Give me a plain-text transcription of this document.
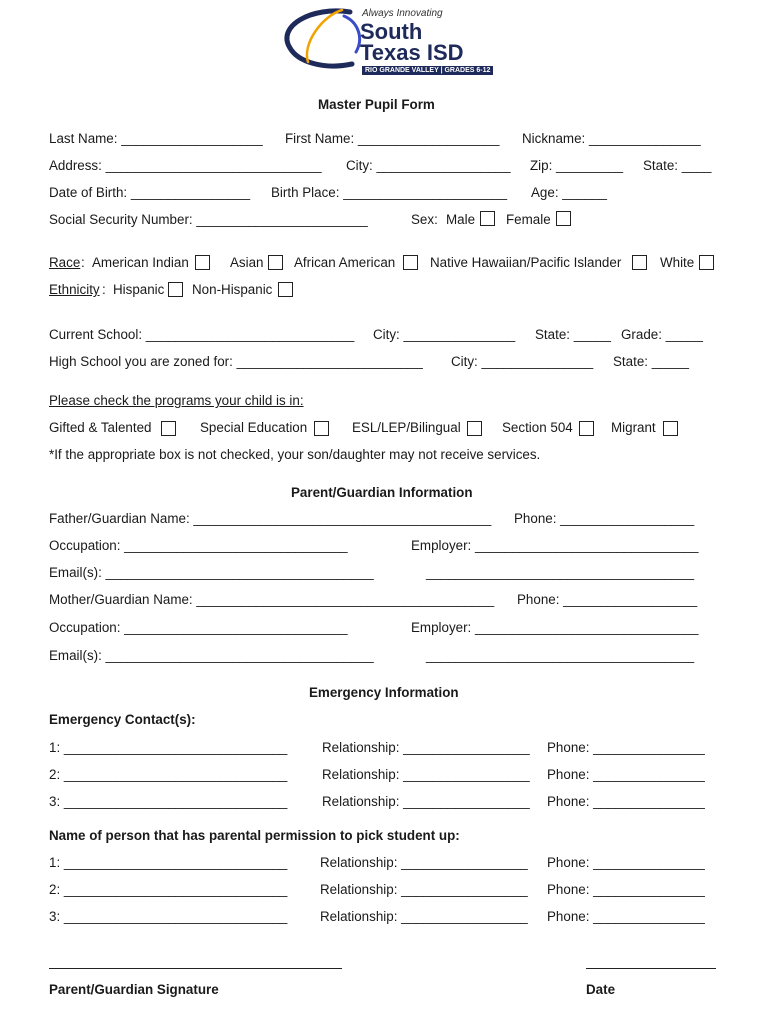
Always Innovating
South
Texas ISD
RIO GRANDE VALLEY | GRADES 6-12
Master Pupil Form
Last Name: ___________________ First Name: ___________________ Nickname: _______________
Address: _____________________________ City: __________________ Zip: _________ State: ____
Date of Birth: ________________ Birth Place: ______________________ Age: ______
Social Security Number: _______________________	Sex: Male Female
Race : American Indian	Asian African American	Native Hawaiian/Pacific Islander	White
Ethnicity : Hispanic Non-Hispanic
Current School: ____________________________ City: _______________ State: _____ Grade: _____
High School you are zoned for: _________________________ City: _______________ State: _____
Please check the programs your child is in:
Gifted & Talented	Special Education	ESL/LEP/Bilingual	Section 504	Migrant
*If the appropriate box is not checked, your son/daughter may not receive services.
Parent/Guardian Information
Father/Guardian Name: ________________________________________ Phone: __________________
Occupation: ______________________________	Employer: ______________________________
Email(s): ____________________________________	____________________________________
Mother/Guardian Name: ________________________________________ Phone: __________________
Occupation: ______________________________	Employer: ______________________________
Email(s): ____________________________________	____________________________________
Emergency Information
Emergency Contact(s):
1: ______________________________	Relationship: _________________ Phone: _______________
2: ______________________________	Relationship: _________________ Phone: _______________
3: ______________________________	Relationship: _________________ Phone: _______________
Name of person that has parental permission to pick student up:
1: ______________________________ Relationship: _________________ Phone: _______________
2: ______________________________ Relationship: _________________ Phone: _______________
3: ______________________________ Relationship: _________________ Phone: _______________
Parent/Guardian Signature	Date
